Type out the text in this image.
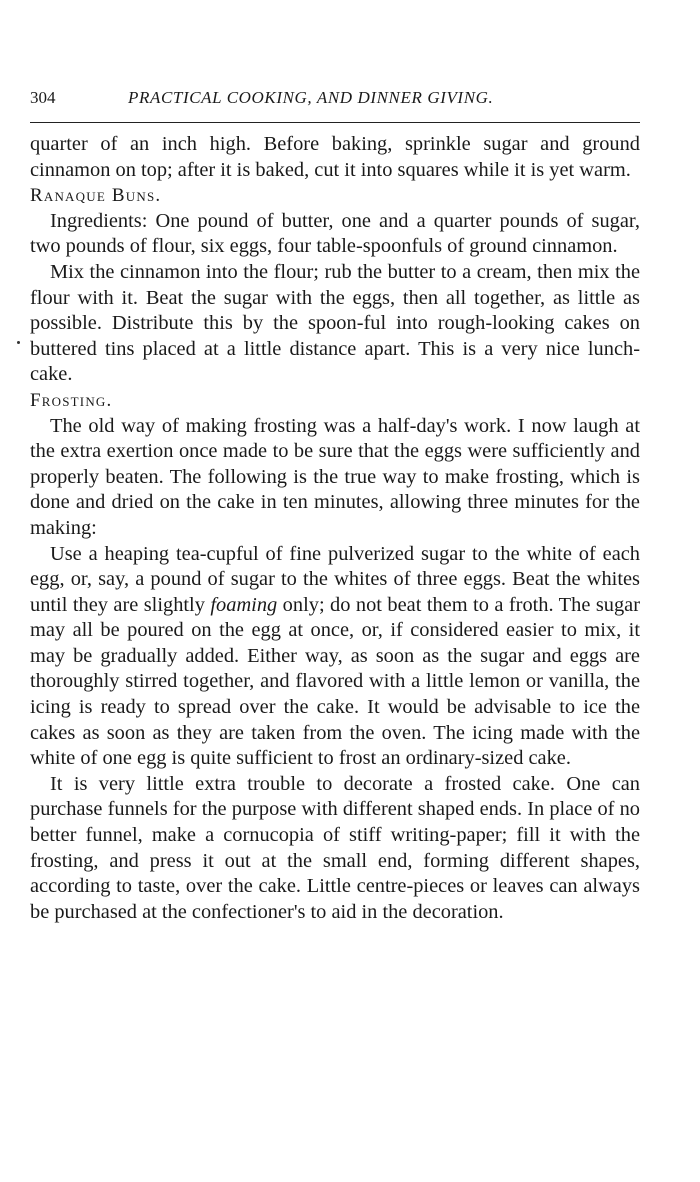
304	PRACTICAL COOKING, AND DINNER GIVING.

quarter of an inch high. Before baking, sprinkle sugar and ground cinnamon on top; after it is baked, cut it into squares while it is yet warm.

Ranaque Buns.

Ingredients: One pound of butter, one and a quarter pounds of sugar, two pounds of flour, six eggs, four table-spoonfuls of ground cinnamon.

Mix the cinnamon into the flour; rub the butter to a cream, then mix the flour with it. Beat the sugar with the eggs, then all together, as little as possible. Distribute this by the spoon-ful into rough-looking cakes on buttered tins placed at a little distance apart. This is a very nice lunch-cake.

Frosting.

The old way of making frosting was a half-day's work. I now laugh at the extra exertion once made to be sure that the eggs were sufficiently and properly beaten. The following is the true way to make frosting, which is done and dried on the cake in ten minutes, allowing three minutes for the making:

Use a heaping tea-cupful of fine pulverized sugar to the white of each egg, or, say, a pound of sugar to the whites of three eggs. Beat the whites until they are slightly foaming only; do not beat them to a froth. The sugar may all be poured on the egg at once, or, if considered easier to mix, it may be gradually added. Either way, as soon as the sugar and eggs are thoroughly stirred together, and flavored with a little lemon or vanilla, the icing is ready to spread over the cake. It would be advisable to ice the cakes as soon as they are taken from the oven. The icing made with the white of one egg is quite sufficient to frost an ordinary-sized cake.

It is very little extra trouble to decorate a frosted cake. One can purchase funnels for the purpose with different shaped ends. In place of no better funnel, make a cornucopia of stiff writing-paper; fill it with the frosting, and press it out at the small end, forming different shapes, according to taste, over the cake. Little centre-pieces or leaves can always be purchased at the confectioner's to aid in the decoration.
